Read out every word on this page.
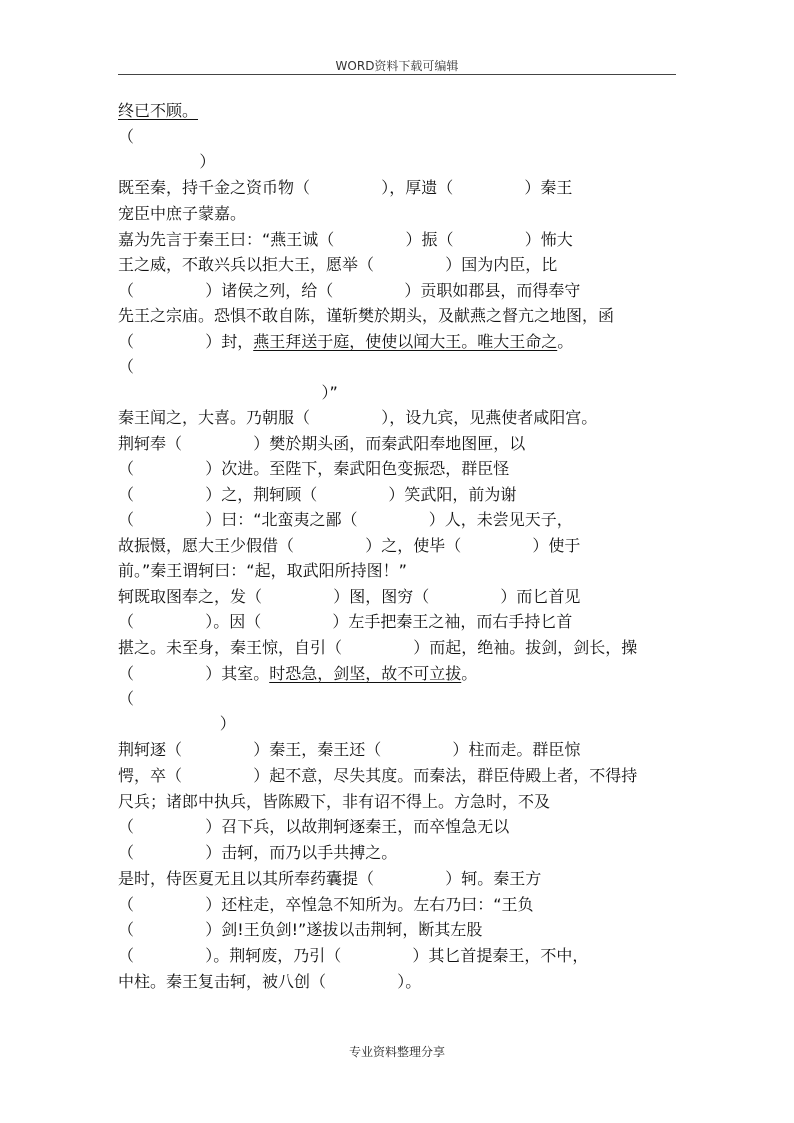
WORD资料下载可编辑
终已不顾。
（
）
既至秦，持千金之资币物（              ），厚遗（              ）秦王
宠臣中庶子蒙嘉。
嘉为先言于秦王曰：“燕王诚（              ）振（              ）怖大
王之威，不敢兴兵以拒大王，愿举（              ）国为内臣，比
（              ）诸侯之列，给（              ）贡职如郡县，而得奉守
先王之宗庙。恐惧不敢自陈，谨斩樊於期头，及献燕之督亢之地图，函
（              ）封，燕王拜送于庭，使使以闻大王。唯大王命之。
（
）”
秦王闻之，大喜。乃朝服（              ），设九宾，见燕使者咸阳宫。
荆轲奉（              ）樊於期头函，而秦武阳奉地图匣，以
（              ）次进。至陛下，秦武阳色变振恐，群臣怪
（              ）之，荆轲顾（              ）笑武阳，前为谢
（              ）曰：“北蛮夷之鄙（              ）人，未尝见天子，
故振慑，愿大王少假借（              ）之，使毕（              ）使于
前。”秦王谓轲曰：“起，取武阳所持图！”
轲既取图奉之，发（              ）图，图穷（              ）而匕首见
（              ）。因（              ）左手把秦王之袖，而右手持匕首
揕之。未至身，秦王惊，自引（              ）而起，绝袖。拔剑，剑长，操
（              ）其室。时恐急，剑坚，故不可立拔。
（
）
荆轲逐（              ）秦王，秦王还（              ）柱而走。群臣惊
愕，卒（              ）起不意，尽失其度。而秦法，群臣侍殿上者，不得持
尺兵；诸郎中执兵，皆陈殿下，非有诏不得上。方急时，不及
（              ）召下兵，以故荆轲逐秦王，而卒惶急无以
（              ）击轲，而乃以手共搏之。
是时，侍医夏无且以其所奉药囊提（              ）轲。秦王方
（              ）还柱走，卒惶急不知所为。左右乃曰：“王负
（              ）剑!王负剑!”遂拔以击荆轲，断其左股
（              ）。荆轲废，乃引（              ）其匕首提秦王，不中，
中柱。秦王复击轲，被八创（              ）。
专业资料整理分享
